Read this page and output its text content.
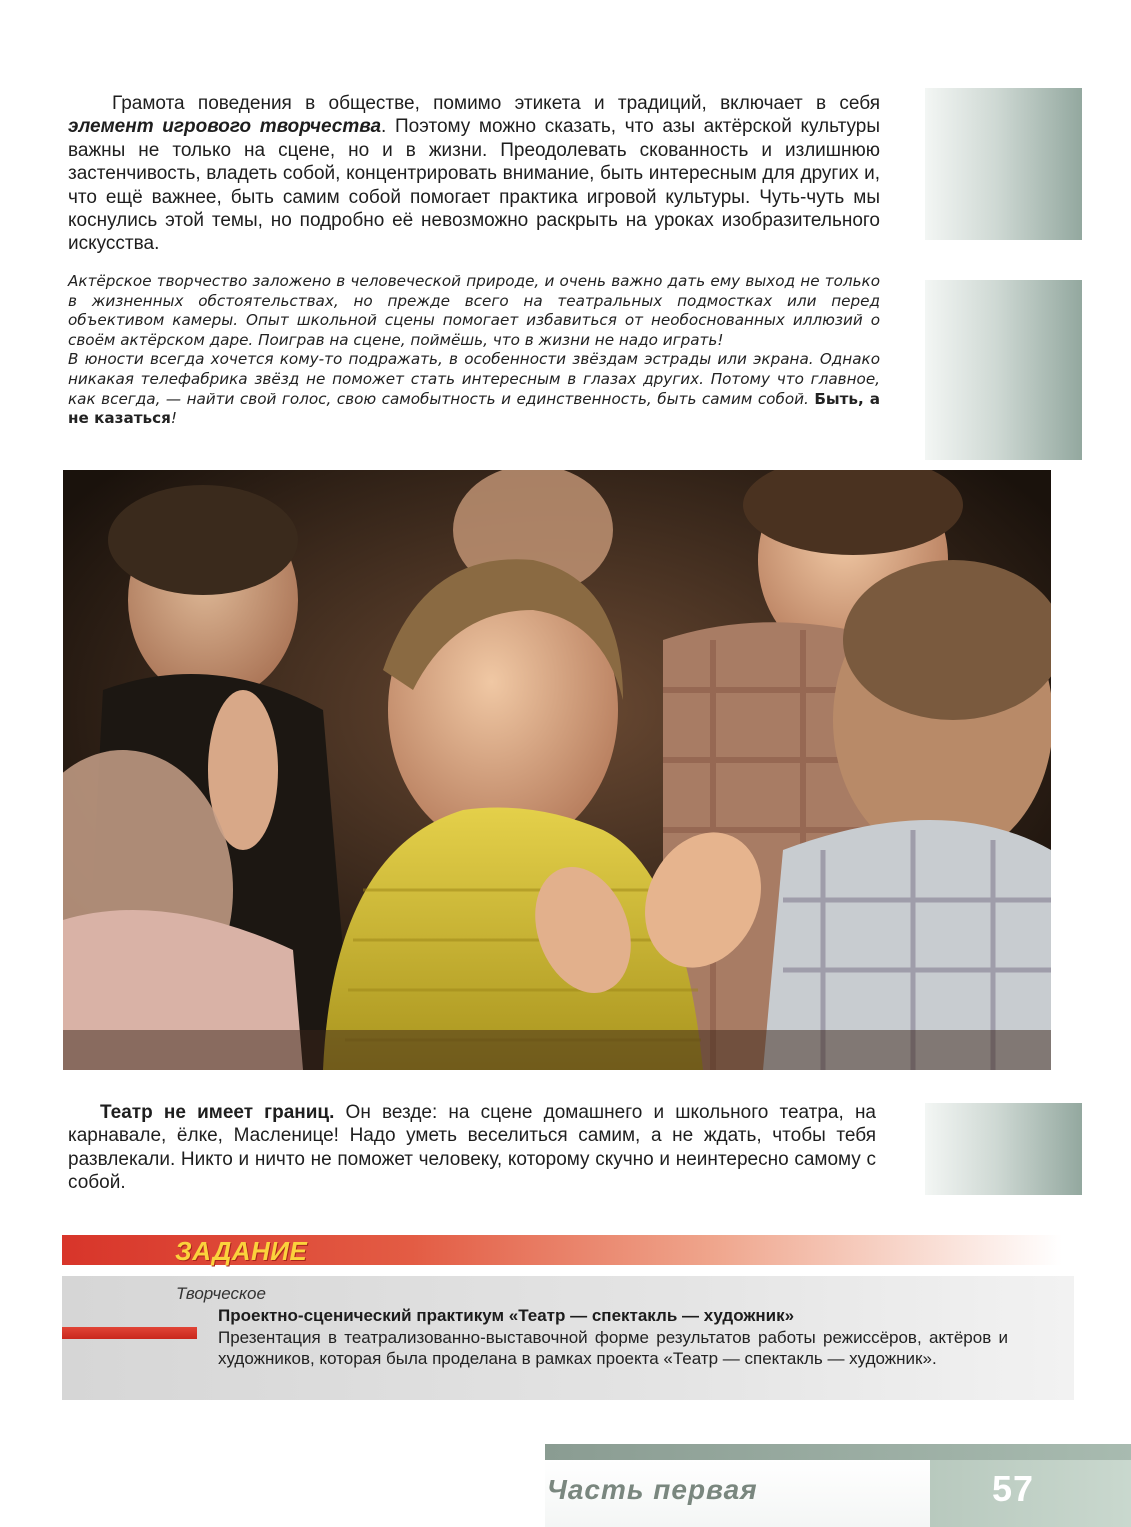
Грамота поведения в обществе, помимо этикета и традиций, включает в себя элемент игрового творчества. Поэтому можно сказать, что азы актёрской культуры важны не только на сцене, но и в жизни. Преодолевать скованность и излишнюю застенчивость, владеть собой, концентрировать внимание, быть интересным для других и, что ещё важнее, быть самим собой помогает практика игровой культуры. Чуть-чуть мы коснулись этой темы, но подробно её невозможно раскрыть на уроках изобразительного искусства.

Актёрское творчество заложено в человеческой природе, и очень важно дать ему выход не только в жизненных обстоятельствах, но прежде всего на театральных подмостках или перед объективом камеры. Опыт школьной сцены помогает избавиться от необоснованных иллюзий о своём актёрском даре. Поиграв на сцене, поймёшь, что в жизни не надо играть!

В юности всегда хочется кому-то подражать, в особенности звёздам эстрады или экрана. Однако никакая телефабрика звёзд не поможет стать интересным в глазах других. Потому что главное, как всегда, — найти свой голос, свою самобытность и единственность, быть самим собой. Быть, а не казаться!

Театр не имеет границ. Он везде: на сцене домашнего и школьного театра, на карнавале, ёлке, Масленице! Надо уметь веселиться самим, а не ждать, чтобы тебя развлекали. Никто и ничто не поможет человеку, которому скучно и неинтересно самому с собой.

ЗАДАНИЕ
Творческое
Проектно-сценический практикум «Театр — спектакль — художник»

Презентация в театрализованно-выставочной форме результатов работы режиссёров, актёров и художников, которая была проделана в рамках проекта «Театр — спектакль — художник».

Часть первая	57
